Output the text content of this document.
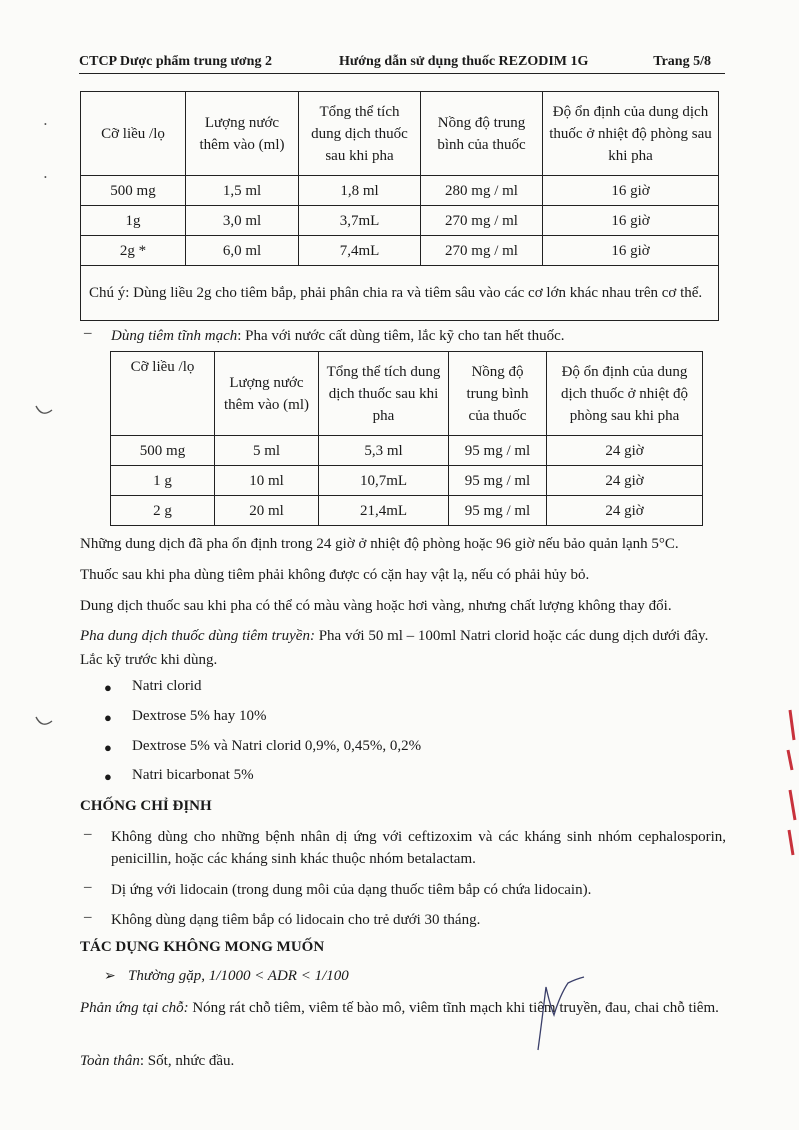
CTCP Dược phẩm trung ương 2	Hướng dẫn sử dụng thuốc REZODIM 1G	Trang 5/8
Cỡ liều /lọ	Lượng nước thêm vào (ml)	Tổng thể tích dung dịch thuốc sau khi pha	Nồng độ trung bình của thuốc	Độ ổn định của dung dịch thuốc ở nhiệt độ phòng sau khi pha
500 mg	1,5 ml	1,8 ml	280 mg / ml	16 giờ
1g	3,0 ml	3,7mL	270 mg / ml	16 giờ
2g *	6,0 ml	7,4mL	270 mg / ml	16 giờ
Chú ý: Dùng liều 2g cho tiêm bắp, phải phân chia ra và tiêm sâu vào các cơ lớn khác nhau trên cơ thể.				
– Dùng tiêm tĩnh mạch: Pha với nước cất dùng tiêm, lắc kỹ cho tan hết thuốc.
Cỡ liều /lọ	Lượng nước thêm vào (ml)	Tổng thể tích dung dịch thuốc sau khi pha	Nồng độ trung bình của thuốc	Độ ổn định của dung dịch thuốc ở nhiệt độ phòng sau khi pha
500 mg	5 ml	5,3 ml	95 mg / ml	24 giờ
1 g	10 ml	10,7mL	95 mg / ml	24 giờ
2 g	20 ml	21,4mL	95 mg / ml	24 giờ

Những dung dịch đã pha ổn định trong 24 giờ ở nhiệt độ phòng hoặc 96 giờ nếu bảo quản lạnh 5°C.

Thuốc sau khi pha dùng tiêm phải không được có cặn hay vật lạ, nếu có phải hủy bỏ.

Dung dịch thuốc sau khi pha có thể có màu vàng hoặc hơi vàng, nhưng chất lượng không thay đổi.

Pha dung dịch thuốc dùng tiêm truyền: Pha với 50 ml – 100ml Natri clorid hoặc các dung dịch dưới đây. Lắc kỹ trước khi dùng.

● Natri clorid
● Dextrose 5% hay 10%
● Dextrose 5% và Natri clorid 0,9%, 0,45%, 0,2%
● Natri bicarbonat 5%
CHỐNG CHỈ ĐỊNH
– Không dùng cho những bệnh nhân dị ứng với ceftizoxim và các kháng sinh nhóm cephalosporin, penicillin, hoặc các kháng sinh khác thuộc nhóm betalactam.
– Dị ứng với lidocain (trong dung môi của dạng thuốc tiêm bắp có chứa lidocain).
– Không dùng dạng tiêm bắp có lidocain cho trẻ dưới 30 tháng.
TÁC DỤNG KHÔNG MONG MUỐN
➢ Thường gặp, 1/1000 < ADR < 1/100

Phản ứng tại chỗ: Nóng rát chỗ tiêm, viêm tế bào mô, viêm tĩnh mạch khi tiêm truyền, đau, chai chỗ tiêm.

Toàn thân: Sốt, nhức đầu.

•
•
